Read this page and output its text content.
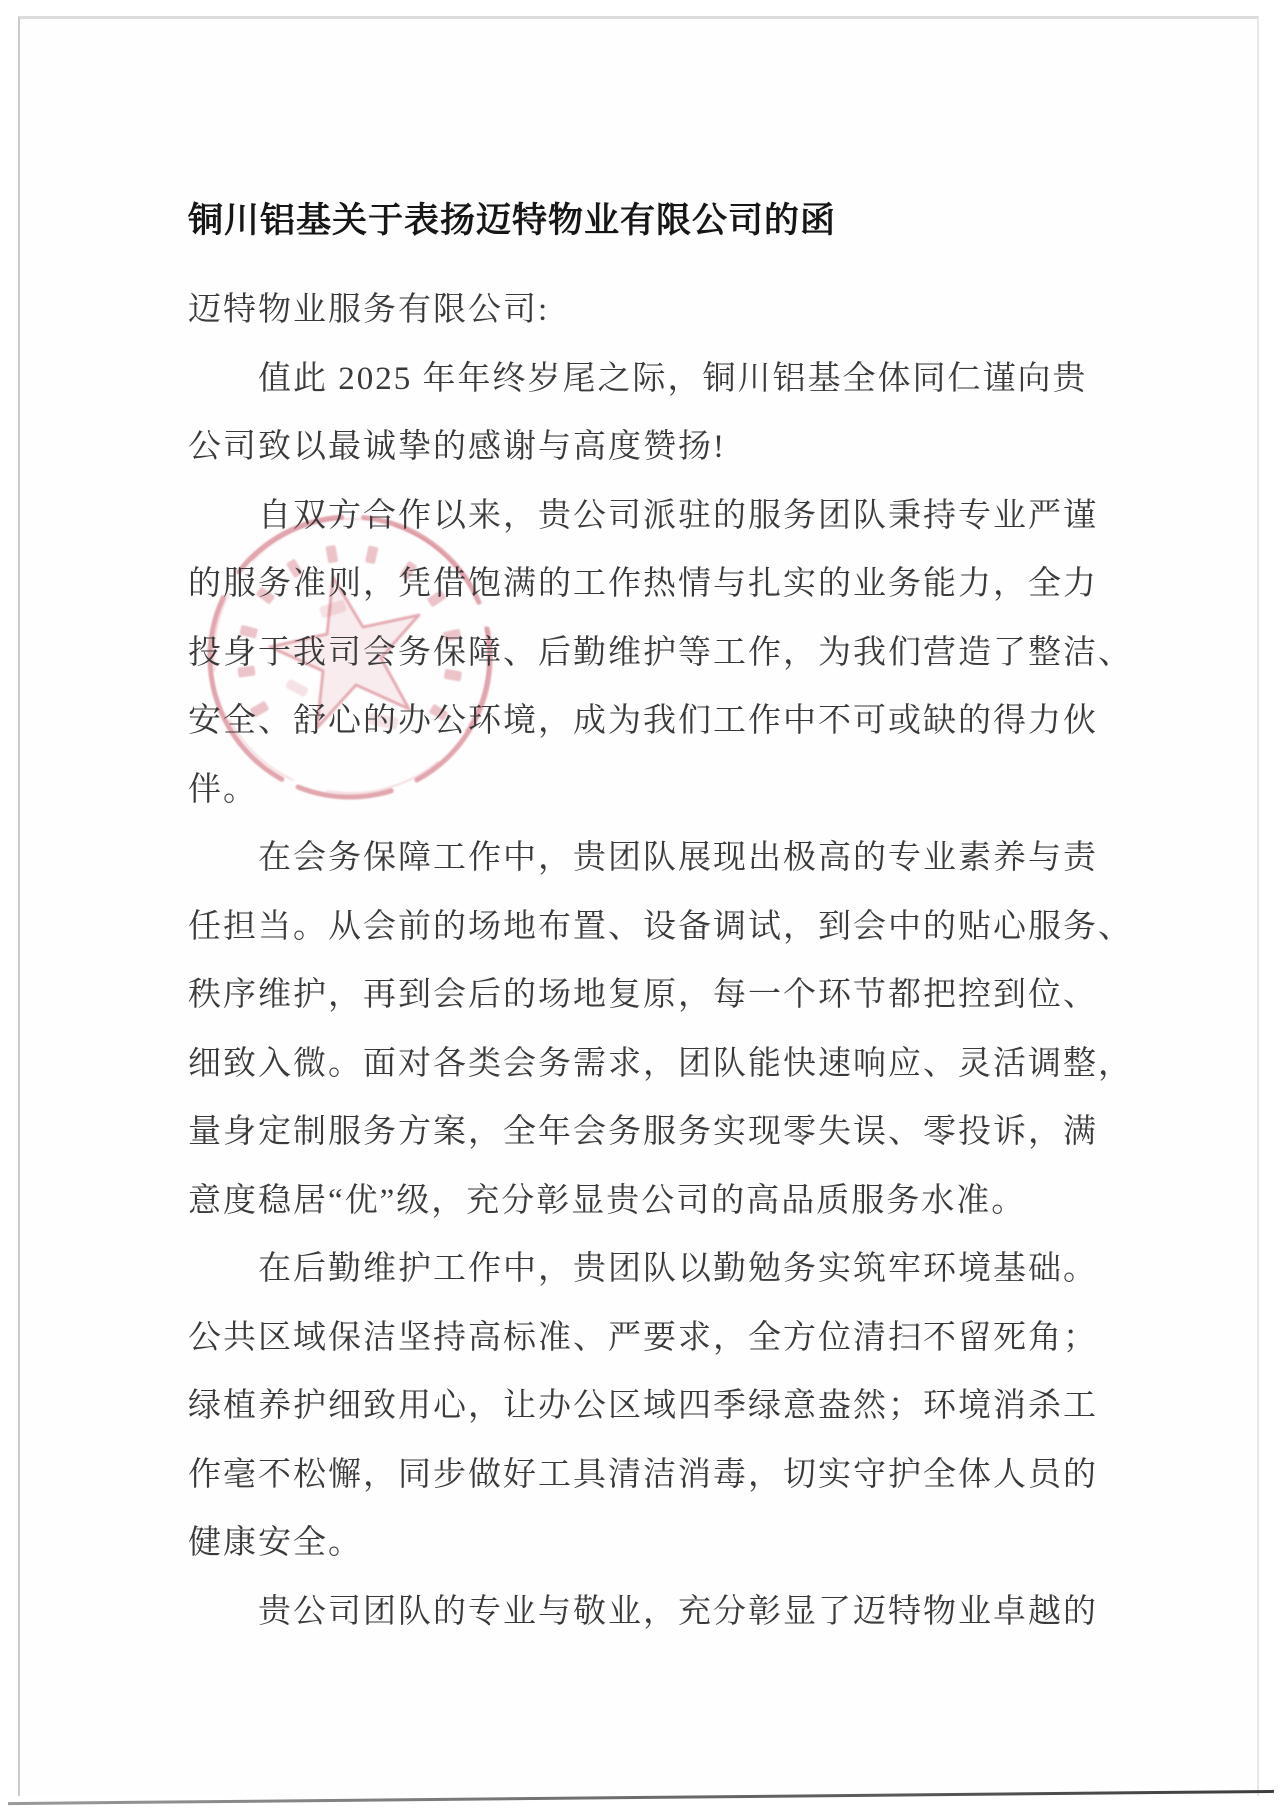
铜川铝基关于表扬迈特物业有限公司的函
迈特物业服务有限公司:
　　值此 2025 年年终岁尾之际，铜川铝基全体同仁谨向贵
公司致以最诚挚的感谢与高度赞扬!
　　自双方合作以来，贵公司派驻的服务团队秉持专业严谨
的服务准则，凭借饱满的工作热情与扎实的业务能力，全力
投身于我司会务保障、后勤维护等工作，为我们营造了整洁、
安全、舒心的办公环境，成为我们工作中不可或缺的得力伙
伴。
　　在会务保障工作中，贵团队展现出极高的专业素养与责
任担当。从会前的场地布置、设备调试，到会中的贴心服务、
秩序维护，再到会后的场地复原，每一个环节都把控到位、
细致入微。面对各类会务需求，团队能快速响应、灵活调整，
量身定制服务方案，全年会务服务实现零失误、零投诉，满
意度稳居“优”级，充分彰显贵公司的高品质服务水准。
　　在后勤维护工作中，贵团队以勤勉务实筑牢环境基础。
公共区域保洁坚持高标准、严要求，全方位清扫不留死角；
绿植养护细致用心，让办公区域四季绿意盎然；环境消杀工
作毫不松懈，同步做好工具清洁消毒，切实守护全体人员的
健康安全。
　　贵公司团队的专业与敬业，充分彰显了迈特物业卓越的
